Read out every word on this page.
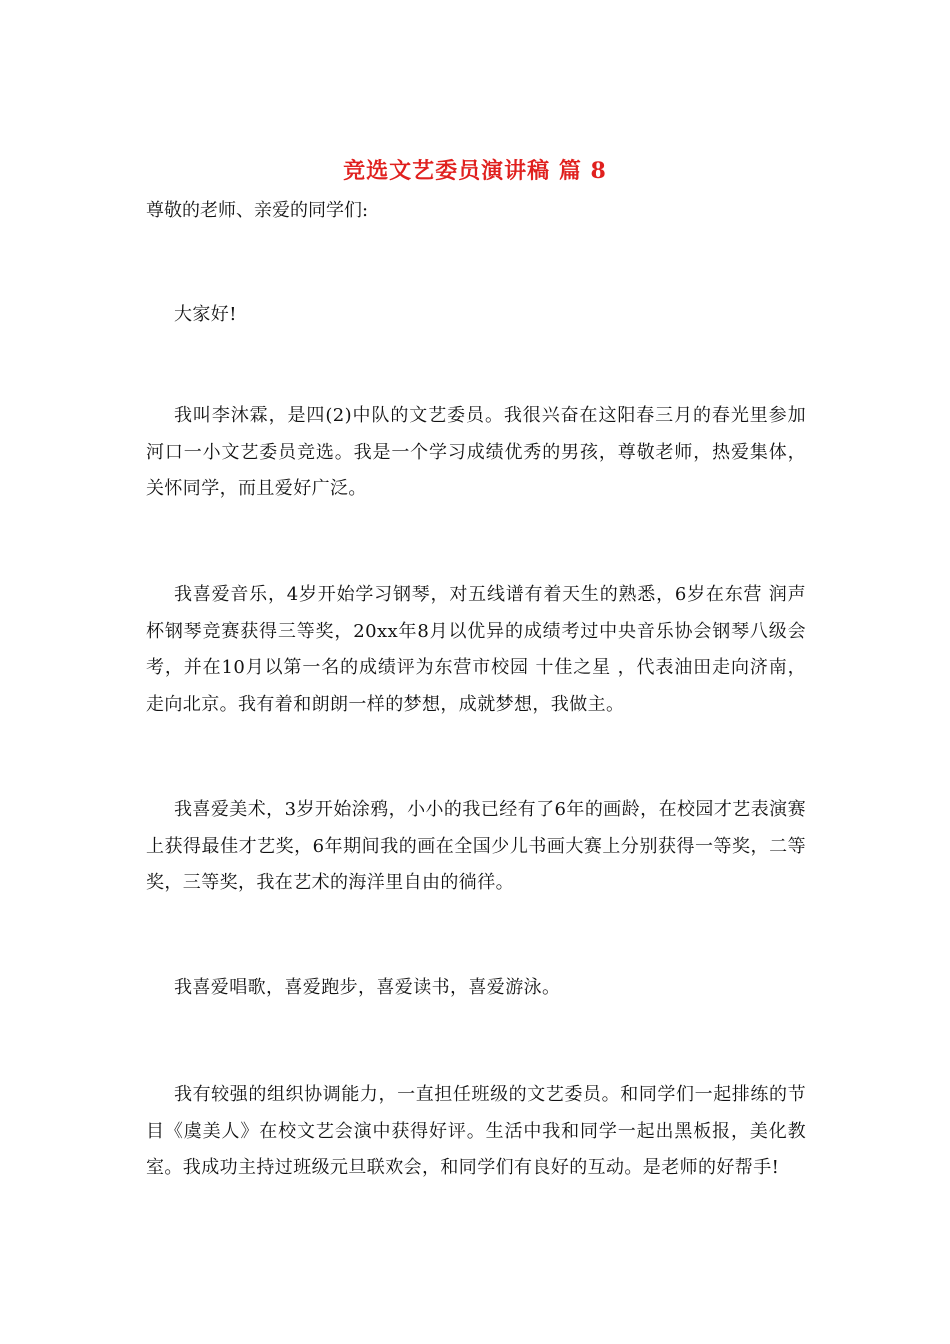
竞选文艺委员演讲稿 篇 8
尊敬的老师、亲爱的同学们:

大家好!

我叫李沐霖，是四(2)中队的文艺委员。我很兴奋在这阳春三月的春光里参加河口一小文艺委员竞选。我是一个学习成绩优秀的男孩，尊敬老师，热爱集体，关怀同学，而且爱好广泛。

我喜爱音乐，4岁开始学习钢琴，对五线谱有着天生的熟悉，6岁在东营 润声 杯钢琴竞赛获得三等奖，20xx年8月以优异的成绩考过中央音乐协会钢琴八级会考，并在10月以第一名的成绩评为东营市校园 十佳之星 ，代表油田走向济南，走向北京。我有着和朗朗一样的梦想，成就梦想，我做主。

我喜爱美术，3岁开始涂鸦，小小的我已经有了6年的画龄，在校园才艺表演赛上获得最佳才艺奖，6年期间我的画在全国少儿书画大赛上分别获得一等奖，二等奖，三等奖，我在艺术的海洋里自由的徜徉。

我喜爱唱歌，喜爱跑步，喜爱读书，喜爱游泳。

我有较强的组织协调能力，一直担任班级的文艺委员。和同学们一起排练的节目《虞美人》在校文艺会演中获得好评。生活中我和同学一起出黑板报，美化教室。我成功主持过班级元旦联欢会，和同学们有良好的互动。是老师的好帮手!
